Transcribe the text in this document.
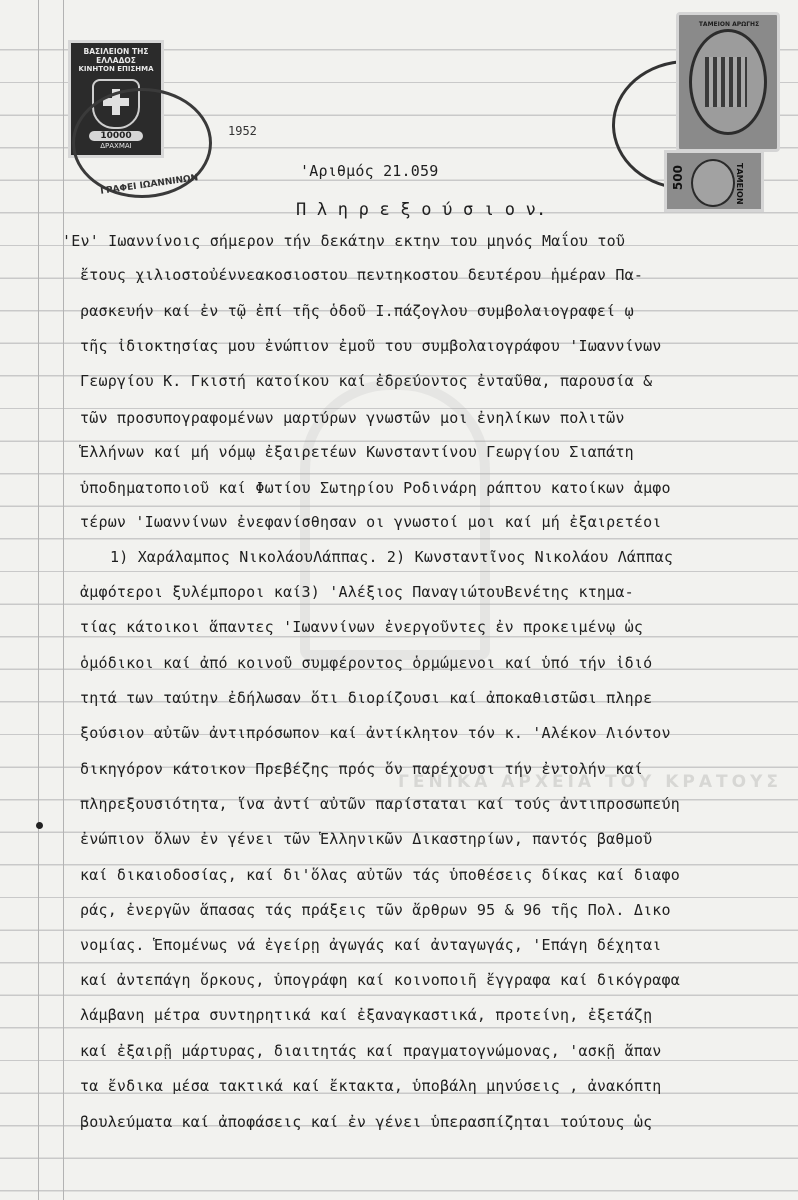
ΓΕΝΙΚΑ ΑΡΧΕΙΑ ΤΟΥ ΚΡΑΤΟΥΣ
ΒΑΣΙΛΕΙΟΝ ΤΗΣ ΕΛΛΑΔΟΣ
ΚΙΝΗΤΟΝ ΕΠΙΣΗΜΑ
10000
ΔΡΑΧΜΑΙ
ΓΡΑΦΕΙ ΙΩΑΝΝΙΝΩΝ
1952
ΤΑΜΕΙΟΝ ΑΡΩΓΗΣ
500	ΤΑΜΕΙΟΝ
'Αριθμός 21.059
Π λ η ρ ε ξ ο ύ σ ι ο ν.
'Εν' Ιωαννίνοις σήμερον τήν δεκάτην εκτην του μηνός Μαΐου τοῦ
ἔτους χιλιοστοὐέννεακοσιοστου πεντηκοστου δευτέρου ἡμέραν Πα-
ρασκευήν καί ἐν τῷ ἐπί τῆς ὁδοῦ Ι.πάζογλου συμβολαιογραφεί ῳ
τῆς ἰδιοκτησίας μου ἐνώπιον ἐμοῦ του συμβολαιογράφου 'Ιωαννίνων
Γεωργίου Κ. Γκιστή κατοίκου καί ἐδρεύοντος ἐνταῦθα, παρουσία &
τῶν προσυπογραφομένων μαρτύρων γνωστῶν μοι ἐνηλίκων πολιτῶν
Ἑλλήνων καί μή νόμῳ ἐξαιρετέων Κωνσταντίνου Γεωργίου Σιαπάτη
ὑποδηματοποιοῦ καί Φωτίου Σωτηρίου Ροδινάρη ράπτου κατοίκων ἀμφο
τέρων 'Ιωαννίνων ἐνεφανίσθησαν οι γνωστοί μοι καί μή ἐξαιρετέοι
1) Χαράλαμπος ΝικολάουΛάππας. 2) Κωνσταντῖνος Νικολάου Λάππας
ἀμφότεροι ξυλέμποροι καί3) 'Αλέξιος ΠαναγιώτουΒενέτης κτημα-
τίας κάτοικοι ἅπαντες 'Ιωαννίνων ἐνεργοῦντες ἐν προκειμένῳ ὡς
ὁμόδικοι καί ἀπό κοινοῦ συμφέροντος ὁρμώμενοι καί ὑπό τήν ἰδιό
τητά των ταύτην ἐδήλωσαν ὅτι διορίζουσι καί ἀποκαθιστῶσι πληρε
ξούσιον αὐτῶν ἀντιπρόσωπον καί ἀντίκλητον τόν κ. 'Αλέκον Λιόντον
δικηγόρον κάτοικον Πρεβέζης πρός ὅν παρέχουσι τήν ἐντολήν καί
πληρεξουσιότητα, ἵνα ἀντί αὐτῶν παρίσταται καί τούς ἀντιπροσωπεύη
ἐνώπιον ὅλων ἐν γένει τῶν Ἑλληνικῶν Δικαστηρίων, παντός βαθμοῦ
καί δικαιοδοσίας, καί δι'ὅλας αὐτῶν τάς ὑποθέσεις δίκας καί διαφο
ράς, ἐνεργῶν ἅπασας τάς πράξεις τῶν ἄρθρων 95 & 96 τῆς Πολ. Δικο
νομίας. Ἑπομένως νά ἐγείρῃ ἀγωγάς καί ἀνταγωγάς, 'Επάγη δέχηται
καί ἀντεπάγη ὅρκους, ὑπογράφη καί κοινοποιῆ ἔγγραφα καί δικόγραφα
λάμβανη μέτρα συντηρητικά καί ἐξαναγκαστικά, προτείνη, ἐξετάζῃ
καί ἐξαιρῇ μάρτυρας, διαιτητάς καί πραγματογνώμονας, 'ασκῇ ἅπαν
τα ἔνδικα μέσα τακτικά καί ἔκτακτα, ὑποβάλη μηνύσεις , ἀνακόπτη
βουλεύματα καί ἀποφάσεις καί ἐν γένει ὑπερασπίζηται τούτους ὡς
